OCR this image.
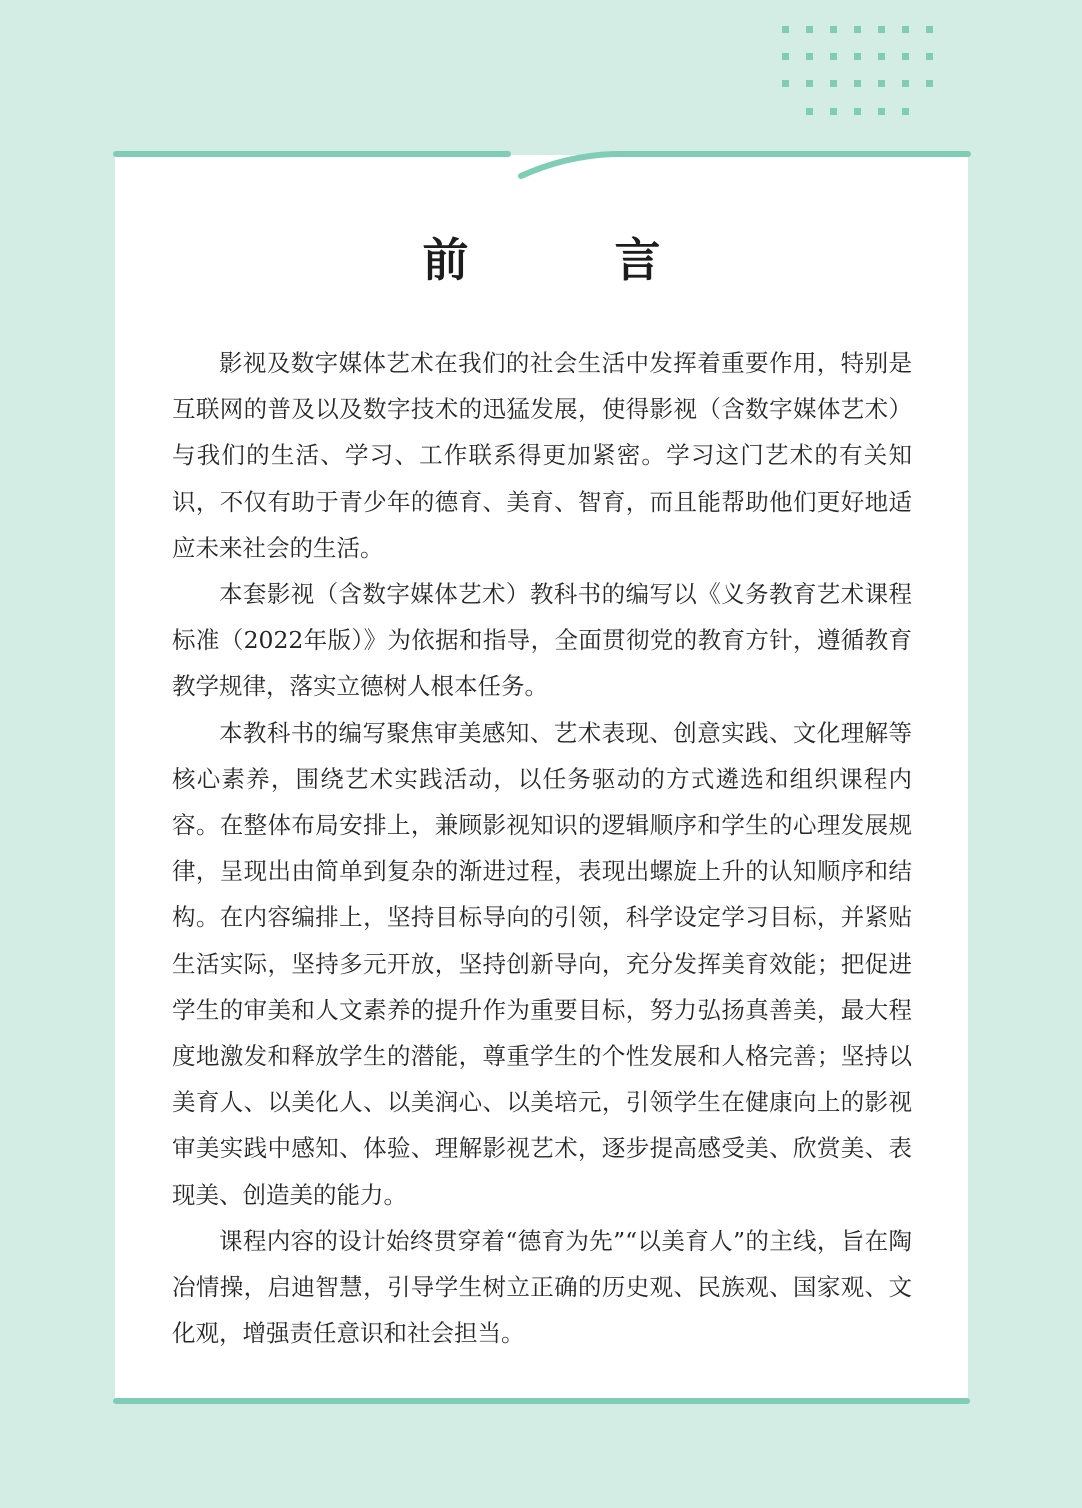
前　言

影视及数字媒体艺术在我们的社会生活中发挥着重要作用，特别是互联网的普及以及数字技术的迅猛发展，使得影视（含数字媒体艺术）与我们的生活、学习、工作联系得更加紧密。学习这门艺术的有关知识，不仅有助于青少年的德育、美育、智育，而且能帮助他们更好地适应未来社会的生活。

本套影视（含数字媒体艺术）教科书的编写以《义务教育艺术课程标准（2022年版）》为依据和指导，全面贯彻党的教育方针，遵循教育教学规律，落实立德树人根本任务。

本教科书的编写聚焦审美感知、艺术表现、创意实践、文化理解等核心素养，围绕艺术实践活动，以任务驱动的方式遴选和组织课程内容。在整体布局安排上，兼顾影视知识的逻辑顺序和学生的心理发展规律，呈现出由简单到复杂的渐进过程，表现出螺旋上升的认知顺序和结构。在内容编排上，坚持目标导向的引领，科学设定学习目标，并紧贴生活实际，坚持多元开放，坚持创新导向，充分发挥美育效能；把促进学生的审美和人文素养的提升作为重要目标，努力弘扬真善美，最大程度地激发和释放学生的潜能，尊重学生的个性发展和人格完善；坚持以美育人、以美化人、以美润心、以美培元，引领学生在健康向上的影视审美实践中感知、体验、理解影视艺术，逐步提高感受美、欣赏美、表现美、创造美的能力。

课程内容的设计始终贯穿着“德育为先”“以美育人”的主线，旨在陶冶情操，启迪智慧，引导学生树立正确的历史观、民族观、国家观、文化观，增强责任意识和社会担当。
